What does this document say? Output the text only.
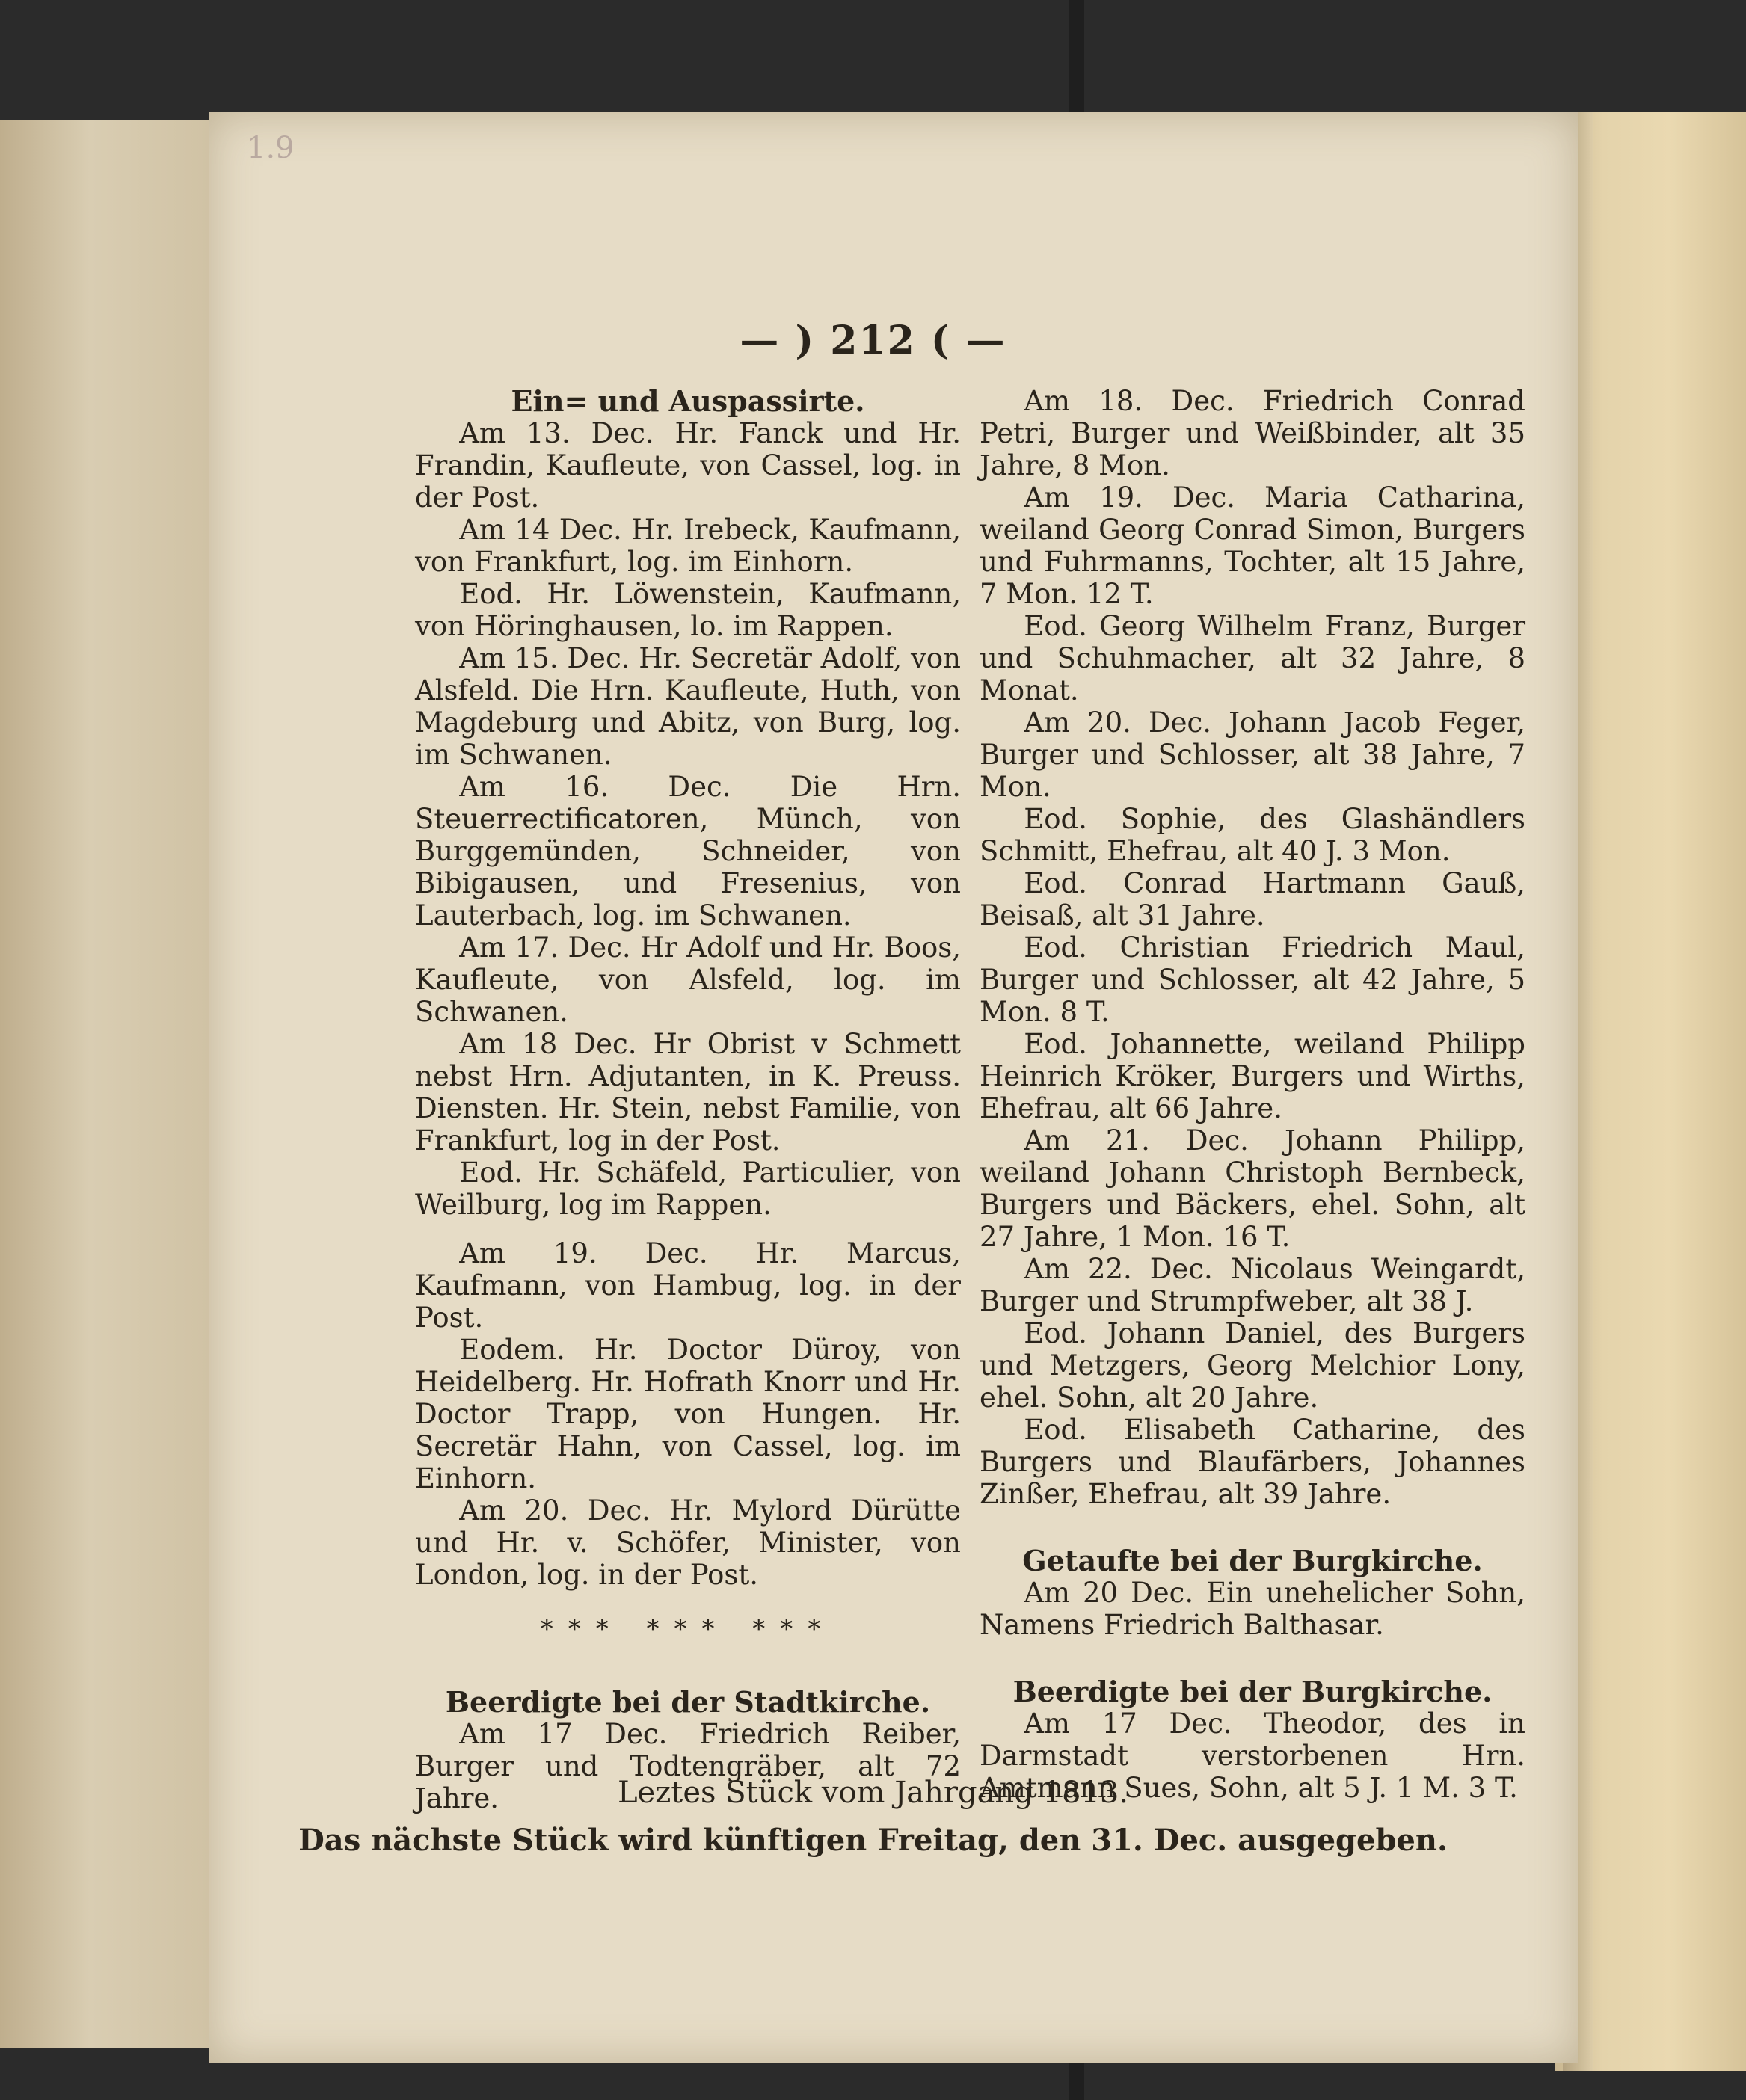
1.9
— ) 212 ( —

Ein= und Auspassirte.

Am 13. Dec. Hr. Fanck und Hr. Frandin, Kaufleute, von Cassel, log. in der Post.

Am 14 Dec. Hr. Irebeck, Kaufmann, von Frankfurt, log. im Einhorn.

Eod. Hr. Löwenstein, Kaufmann, von Höringhausen, lo. im Rappen.

Am 15. Dec. Hr. Secretär Adolf, von Alsfeld. Die Hrn. Kaufleute, Huth, von Magdeburg und Abitz, von Burg, log. im Schwanen.

Am 16. Dec. Die Hrn. Steuerrectificatoren, Münch, von Burggemünden, Schneider, von Bibigausen, und Fresenius, von Lauterbach, log. im Schwanen.

Am 17. Dec. Hr Adolf und Hr. Boos, Kaufleute, von Alsfeld, log. im Schwanen.

Am 18 Dec. Hr Obrist v Schmett nebst Hrn. Adjutanten, in K. Preuss. Diensten. Hr. Stein, nebst Familie, von Frankfurt, log in der Post.

Eod. Hr. Schäfeld, Particulier, von Weilburg, log im Rappen.

Am 19. Dec. Hr. Marcus, Kaufmann, von Hambug, log. in der Post.

Eodem. Hr. Doctor Düroy, von Heidelberg. Hr. Hofrath Knorr und Hr. Doctor Trapp, von Hungen. Hr. Secretär Hahn, von Cassel, log. im Einhorn.

Am 20. Dec. Hr. Mylord Dürütte und Hr. v. Schöfer, Minister, von London, log. in der Post.

*** *** ***

Beerdigte bei der Stadtkirche.

Am 17 Dec. Friedrich Reiber, Burger und Todtengräber, alt 72 Jahre.

Am 18. Dec. Friedrich Conrad Petri, Burger und Weißbinder, alt 35 Jahre, 8 Mon.

Am 19. Dec. Maria Catharina, weiland Georg Conrad Simon, Burgers und Fuhrmanns, Tochter, alt 15 Jahre, 7 Mon. 12 T.

Eod. Georg Wilhelm Franz, Burger und Schuhmacher, alt 32 Jahre, 8 Monat.

Am 20. Dec. Johann Jacob Feger, Burger und Schlosser, alt 38 Jahre, 7 Mon.

Eod. Sophie, des Glashändlers Schmitt, Ehefrau, alt 40 J. 3 Mon.

Eod. Conrad Hartmann Gauß, Beisaß, alt 31 Jahre.

Eod. Christian Friedrich Maul, Burger und Schlosser, alt 42 Jahre, 5 Mon. 8 T.

Eod. Johannette, weiland Philipp Heinrich Kröker, Burgers und Wirths, Ehefrau, alt 66 Jahre.

Am 21. Dec. Johann Philipp, weiland Johann Christoph Bernbeck, Burgers und Bäckers, ehel. Sohn, alt 27 Jahre, 1 Mon. 16 T.

Am 22. Dec. Nicolaus Weingardt, Burger und Strumpfweber, alt 38 J.

Eod. Johann Daniel, des Burgers und Metzgers, Georg Melchior Lony, ehel. Sohn, alt 20 Jahre.

Eod. Elisabeth Catharine, des Burgers und Blaufärbers, Johannes Zinßer, Ehefrau, alt 39 Jahre.

Getaufte bei der Burgkirche.

Am 20 Dec. Ein unehelicher Sohn, Namens Friedrich Balthasar.

Beerdigte bei der Burgkirche.

Am 17 Dec. Theodor, des in Darmstadt verstorbenen Hrn. Amtmann Sues, Sohn, alt 5 J. 1 M. 3 T.

Leztes Stück vom Jahrgang 1813.
Das nächste Stück wird künftigen Freitag, den 31. Dec. ausgegeben.
